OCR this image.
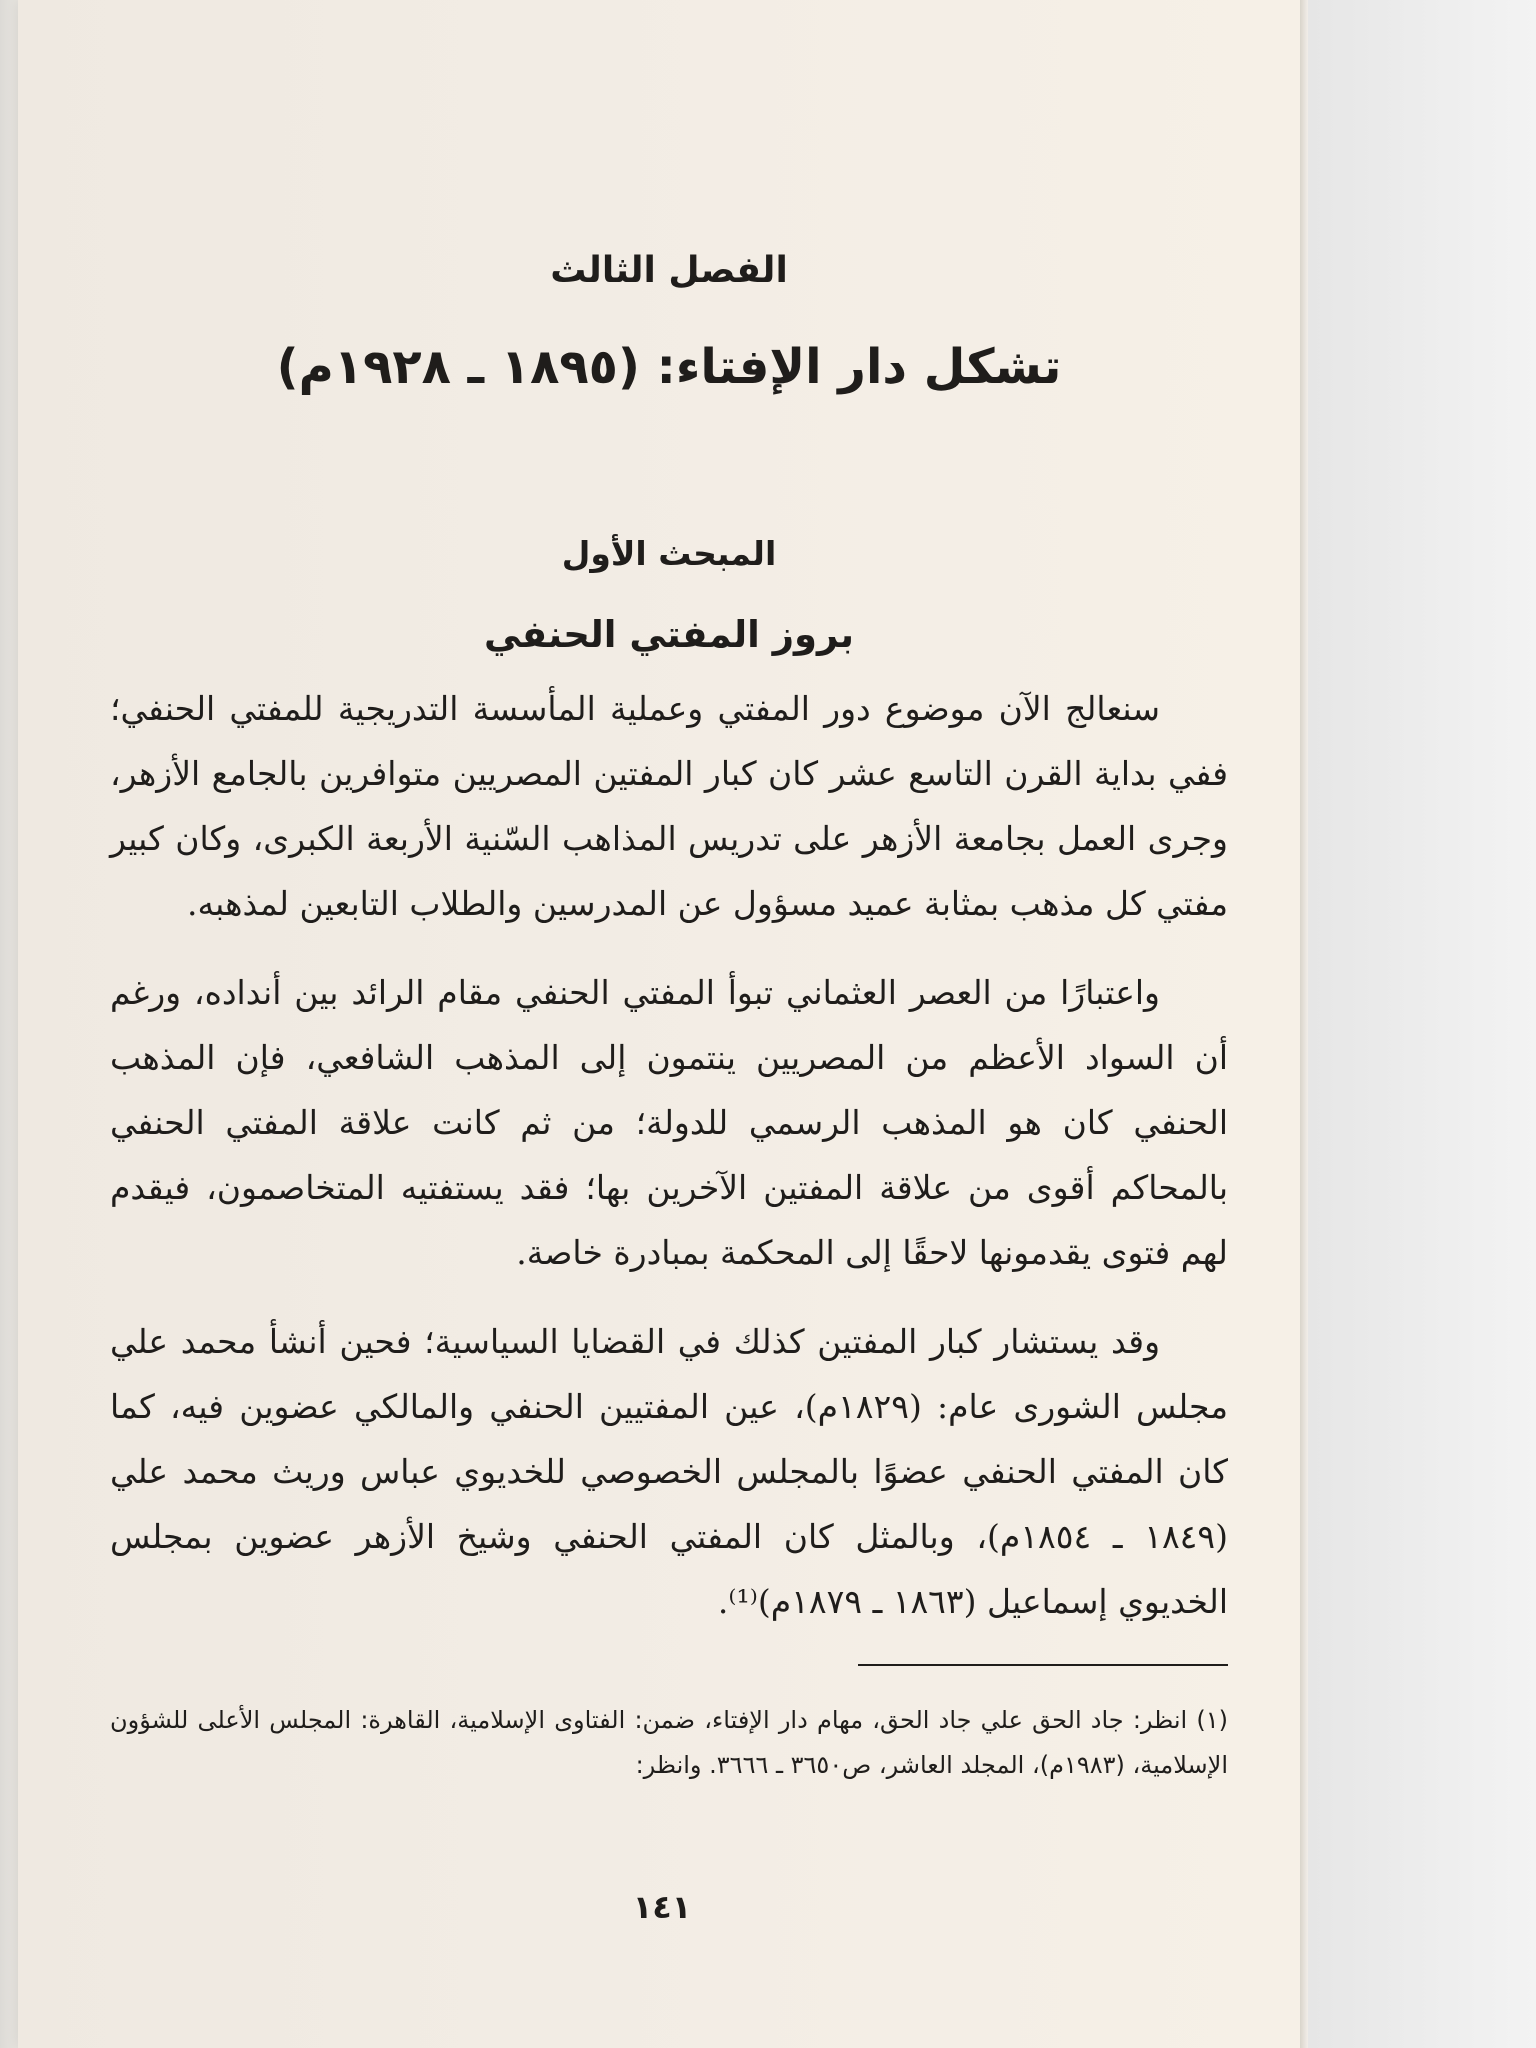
الفصل الثالث
تشكل دار الإفتاء: (١٨٩٥ ـ ١٩٢٨م)
المبحث الأول
بروز المفتي الحنفي

سنعالج الآن موضوع دور المفتي وعملية المأسسة التدريجية للمفتي الحنفي؛ ففي بداية القرن التاسع عشر كان كبار المفتين المصريين متوافرين بالجامع الأزهر، وجرى العمل بجامعة الأزهر على تدريس المذاهب السّنية الأربعة الكبرى، وكان كبير مفتي كل مذهب بمثابة عميد مسؤول عن المدرسين والطلاب التابعين لمذهبه.

واعتبارًا من العصر العثماني تبوأ المفتي الحنفي مقام الرائد بين أنداده، ورغم أن السواد الأعظم من المصريين ينتمون إلى المذهب الشافعي، فإن المذهب الحنفي كان هو المذهب الرسمي للدولة؛ من ثم كانت علاقة المفتي الحنفي بالمحاكم أقوى من علاقة المفتين الآخرين بها؛ فقد يستفتيه المتخاصمون، فيقدم لهم فتوى يقدمونها لاحقًا إلى المحكمة بمبادرة خاصة.

وقد يستشار كبار المفتين كذلك في القضايا السياسية؛ فحين أنشأ محمد علي مجلس الشورى عام: (١٨٢٩م)، عين المفتيين الحنفي والمالكي عضوين فيه، كما كان المفتي الحنفي عضوًا بالمجلس الخصوصي للخديوي عباس وريث محمد علي (١٨٤٩ ـ ١٨٥٤م)، وبالمثل كان المفتي الحنفي وشيخ الأزهر عضوين بمجلس الخديوي إسماعيل (١٨٦٣ ـ ١٨٧٩م)⁽¹⁾.

(١) انظر: جاد الحق علي جاد الحق، مهام دار الإفتاء، ضمن: الفتاوى الإسلامية، القاهرة: المجلس الأعلى للشؤون الإسلامية، (١٩٨٣م)، المجلد العاشر، ص٣٦٥٠ ـ ٣٦٦٦. وانظر:

١٤١
